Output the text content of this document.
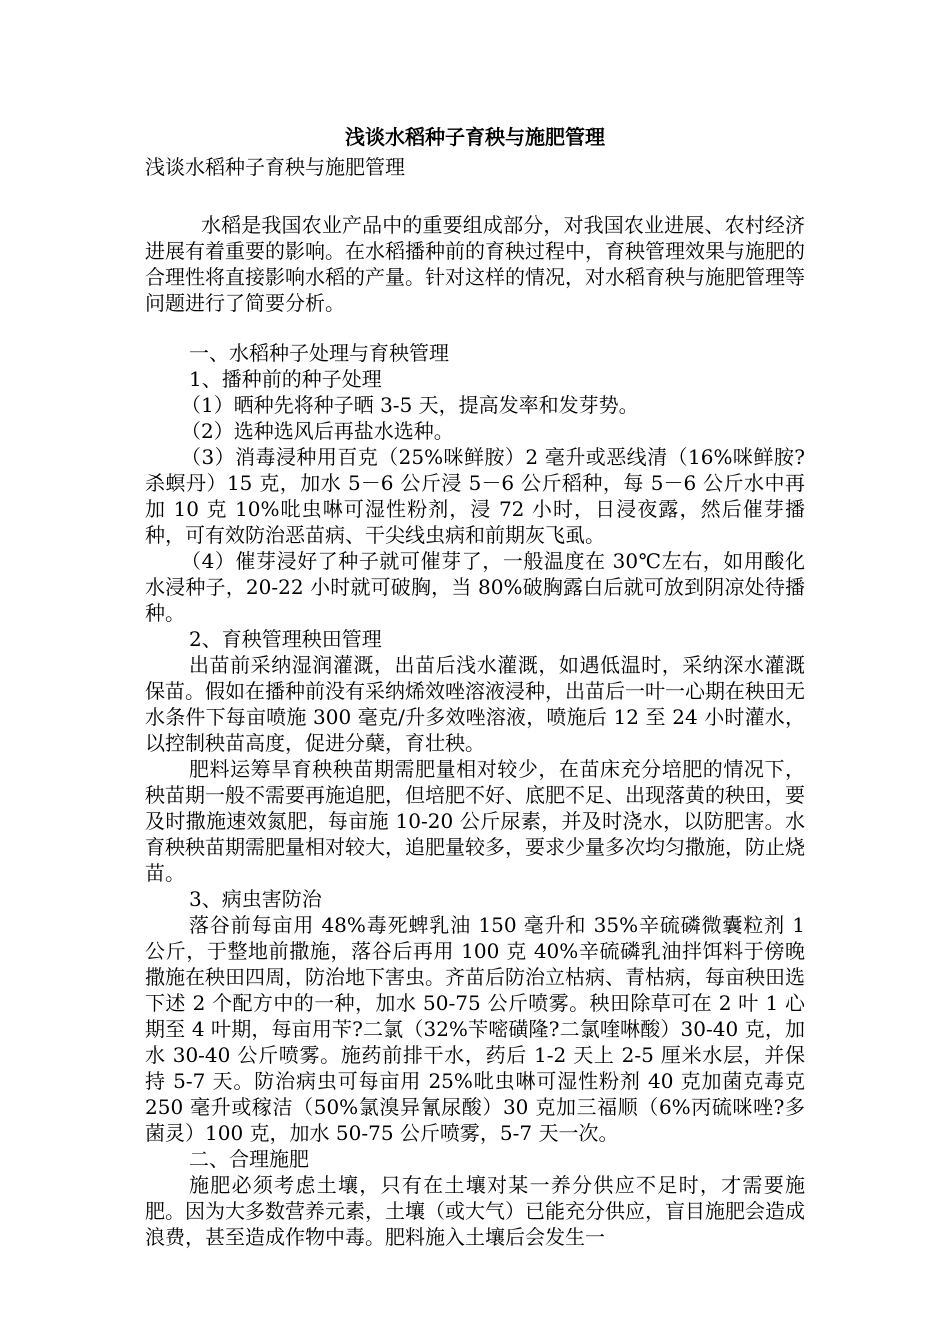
浅谈水稻种子育秧与施肥管理

浅谈水稻种子育秧与施肥管理

水稻是我国农业产品中的重要组成部分，对我国农业进展、农村经济进展有着重要的影响。在水稻播种前的育秧过程中，育秧管理效果与施肥的合理性将直接影响水稻的产量。针对这样的情况，对水稻育秧与施肥管理等问题进行了简要分析。

一、水稻种子处理与育秧管理

1、播种前的种子处理

（1）晒种先将种子晒 3-5 天，提高发率和发芽势。

（2）选种选风后再盐水选种。

（3）消毒浸种用百克（25%咪鲜胺）2 毫升或恶线清（16%咪鲜胺?杀螟丹）15 克，加水 5－6 公斤浸 5－6 公斤稻种，每 5－6 公斤水中再加 10 克 10%吡虫啉可湿性粉剂，浸 72 小时，日浸夜露，然后催芽播种，可有效防治恶苗病、干尖线虫病和前期灰飞虱。

（4）催芽浸好了种子就可催芽了，一般温度在 30℃左右，如用酸化水浸种子，20-22 小时就可破胸，当 80%破胸露白后就可放到阴凉处待播种。

2、育秧管理秧田管理

出苗前采纳湿润灌溉，出苗后浅水灌溉，如遇低温时，采纳深水灌溉保苗。假如在播种前没有采纳烯效唑溶液浸种，出苗后一叶一心期在秧田无水条件下每亩喷施 300 毫克/升多效唑溶液，喷施后 12 至 24 小时灌水，以控制秧苗高度，促进分蘖，育壮秧。

肥料运筹旱育秧秧苗期需肥量相对较少，在苗床充分培肥的情况下，秧苗期一般不需要再施追肥，但培肥不好、底肥不足、出现落黄的秧田，要及时撒施速效氮肥，每亩施 10-20 公斤尿素，并及时浇水，以防肥害。水育秧秧苗期需肥量相对较大，追肥量较多，要求少量多次均匀撒施，防止烧苗。

3、病虫害防治

落谷前每亩用 48%毒死蜱乳油 150 毫升和 35%辛硫磷微囊粒剂 1 公斤，于整地前撒施，落谷后再用 100 克 40%辛硫磷乳油拌饵料于傍晚撒施在秧田四周，防治地下害虫。齐苗后防治立枯病、青枯病，每亩秧田选下述 2 个配方中的一种，加水 50-75 公斤喷雾。秧田除草可在 2 叶 1 心期至 4 叶期，每亩用苄?二氯（32%苄嘧磺隆?二氯喹啉酸）30-40 克，加水 30-40 公斤喷雾。施药前排干水，药后 1-2 天上 2-5 厘米水层，并保持 5-7 天。防治病虫可每亩用 25%吡虫啉可湿性粉剂 40 克加菌克毒克 250 毫升或稼洁（50%氯溴异氰尿酸）30 克加三福顺（6%丙硫咪唑?多菌灵）100 克，加水 50-75 公斤喷雾，5-7 天一次。

二、合理施肥

施肥必须考虑土壤，只有在土壤对某一养分供应不足时，才需要施肥。因为大多数营养元素，土壤（或大气）已能充分供应，盲目施肥会造成浪费，甚至造成作物中毒。肥料施入土壤后会发生一
